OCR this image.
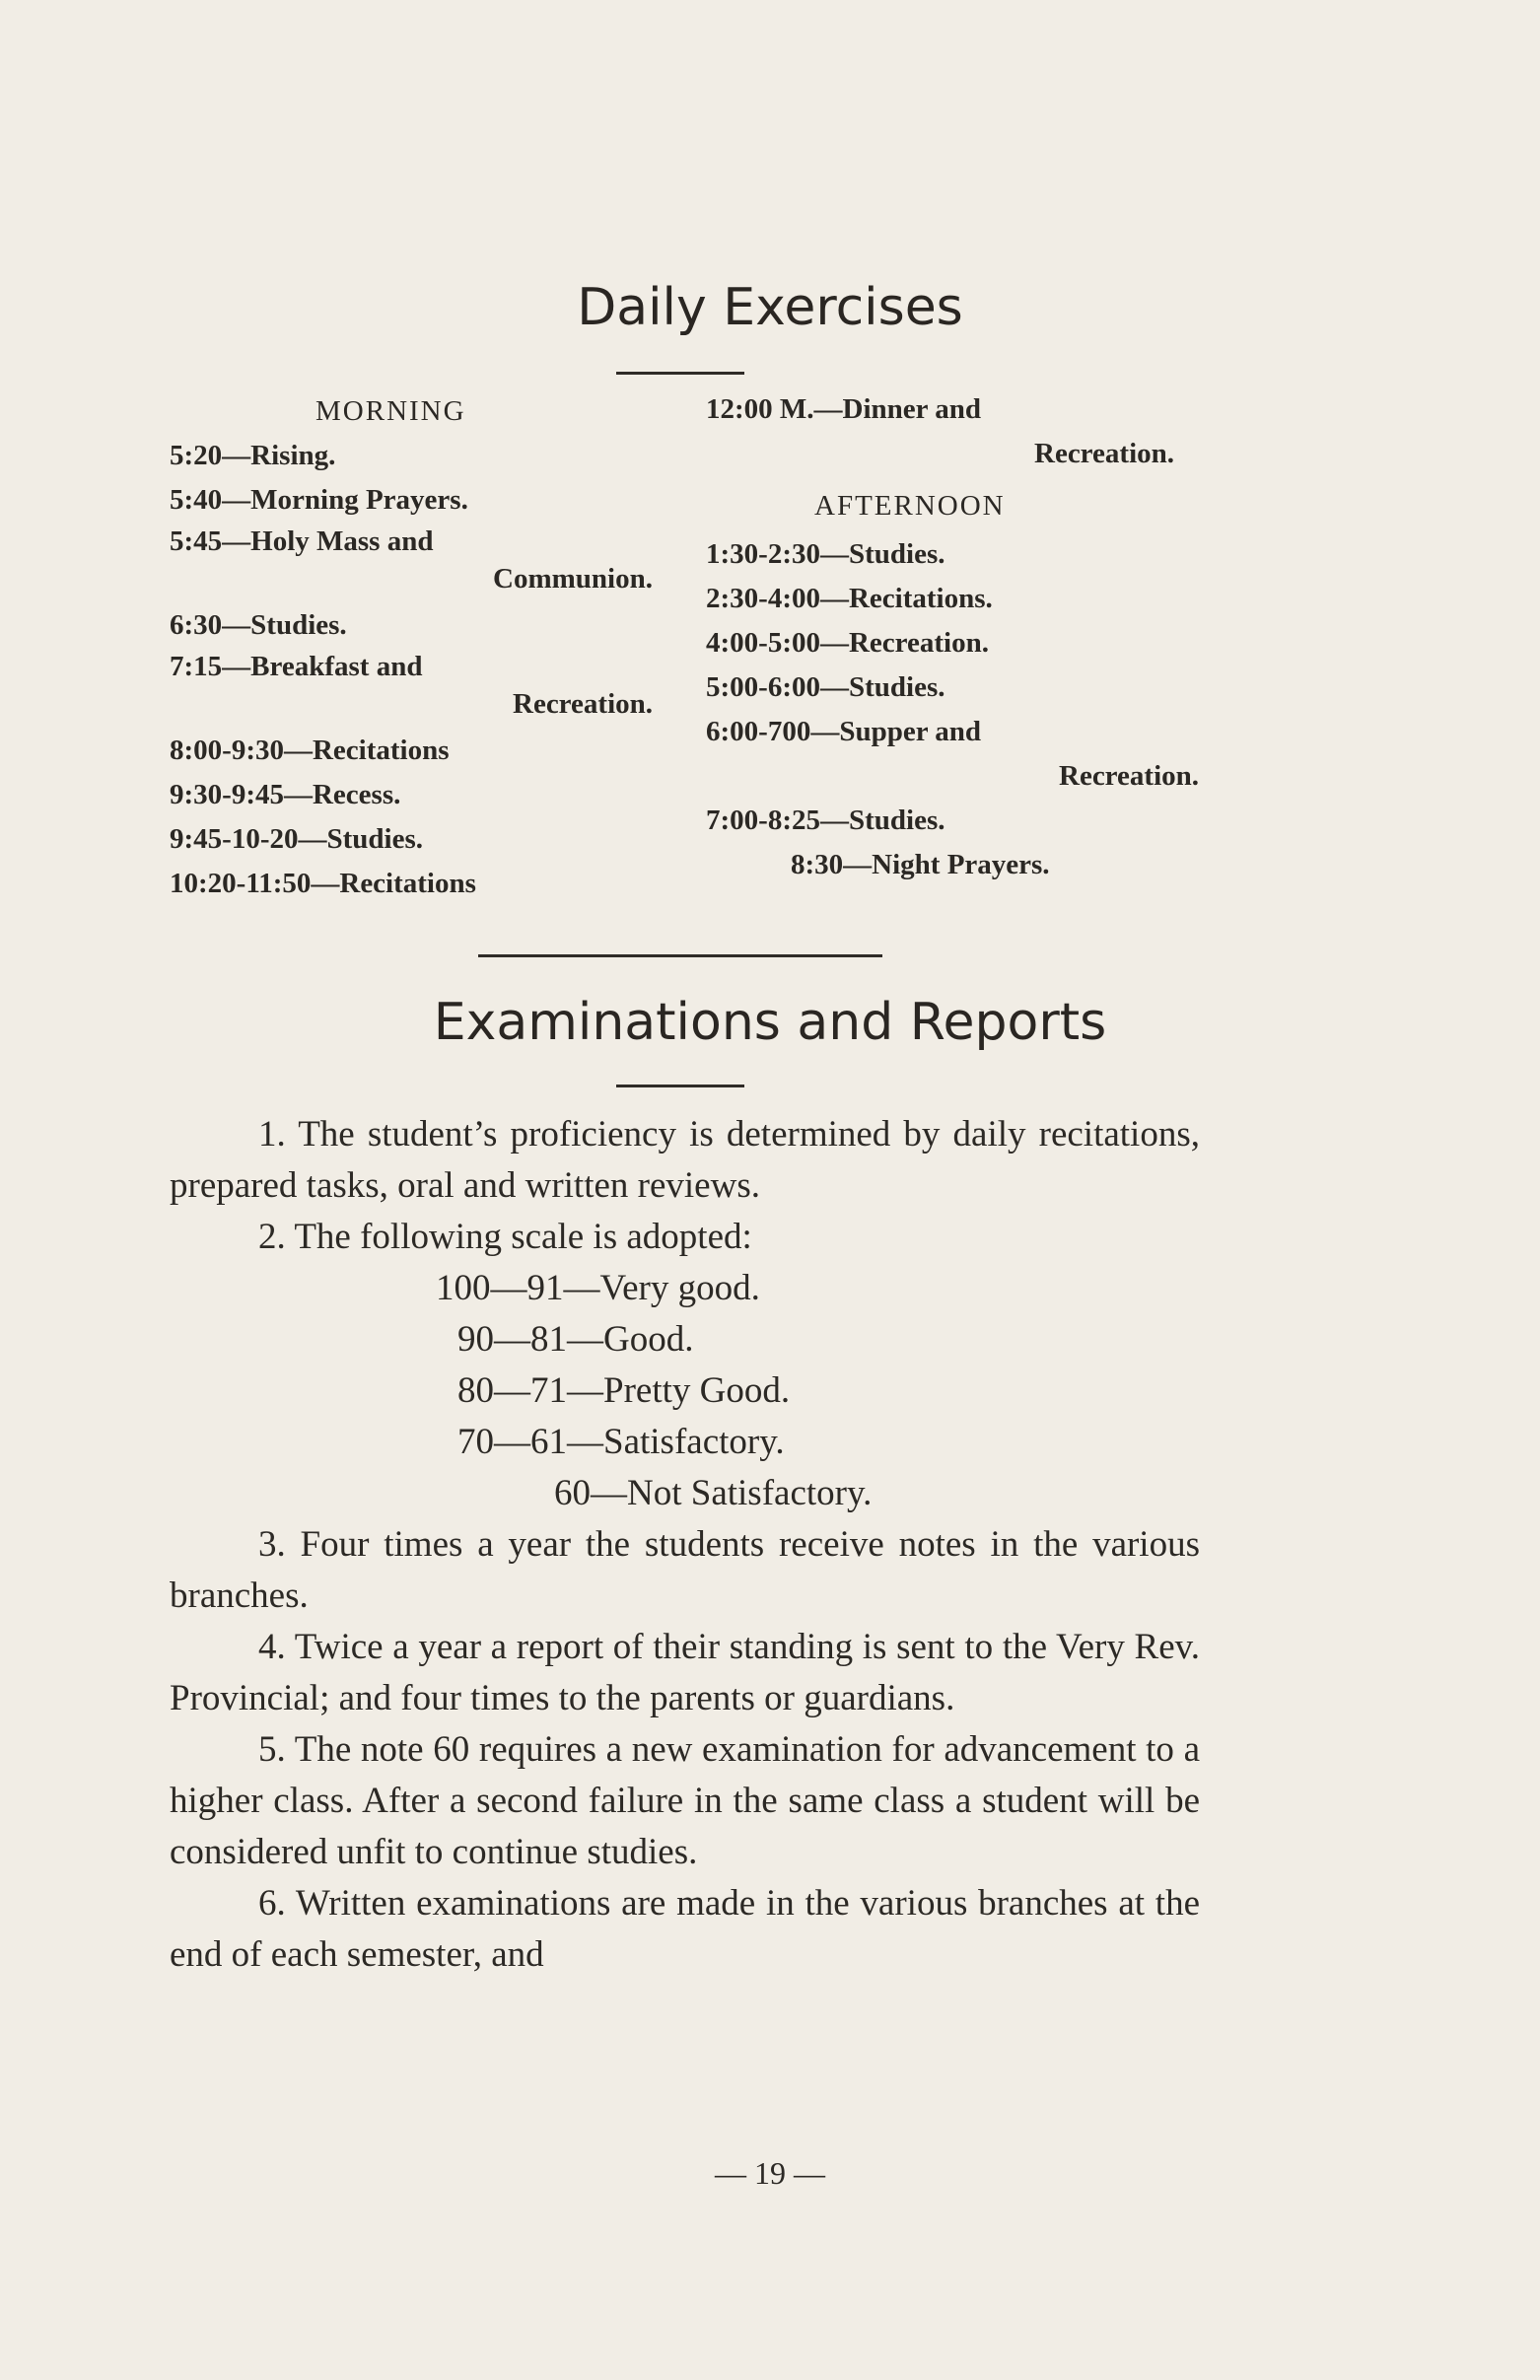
Daily Exercises
MORNING
5:20—Rising.
5:40—Morning Prayers.
5:45—Holy Mass and
Communion.
6:30—Studies.
7:15—Breakfast and
Recreation.
8:00-9:30—Recitations
9:30-9:45—Recess.
9:45-10-20—Studies.
10:20-11:50—Recitations
12:00 M.—Dinner and
Recreation.
AFTERNOON
1:30-2:30—Studies.
2:30-4:00—Recitations.
4:00-5:00—Recreation.
5:00-6:00—Studies.
6:00-700—Supper and
Recreation.
7:00-8:25—Studies.
8:30—Night Prayers.
Examinations and Reports

1. The student’s proficiency is determined by daily recitations, prepared tasks, oral and written reviews.

2. The following scale is adopted:

100—91—Very good.
90—81—Good.
80—71—Pretty Good.
70—61—Satisfactory.
60—Not Satisfactory.

3. Four times a year the students receive notes in the various branches.

4. Twice a year a report of their standing is sent to the Very Rev. Provincial; and four times to the parents or guardians.

5. The note 60 requires a new examination for advancement to a higher class. After a second failure in the same class a student will be considered unfit to continue studies.

6. Written examinations are made in the various branches at the end of each semester, and

— 19 —
